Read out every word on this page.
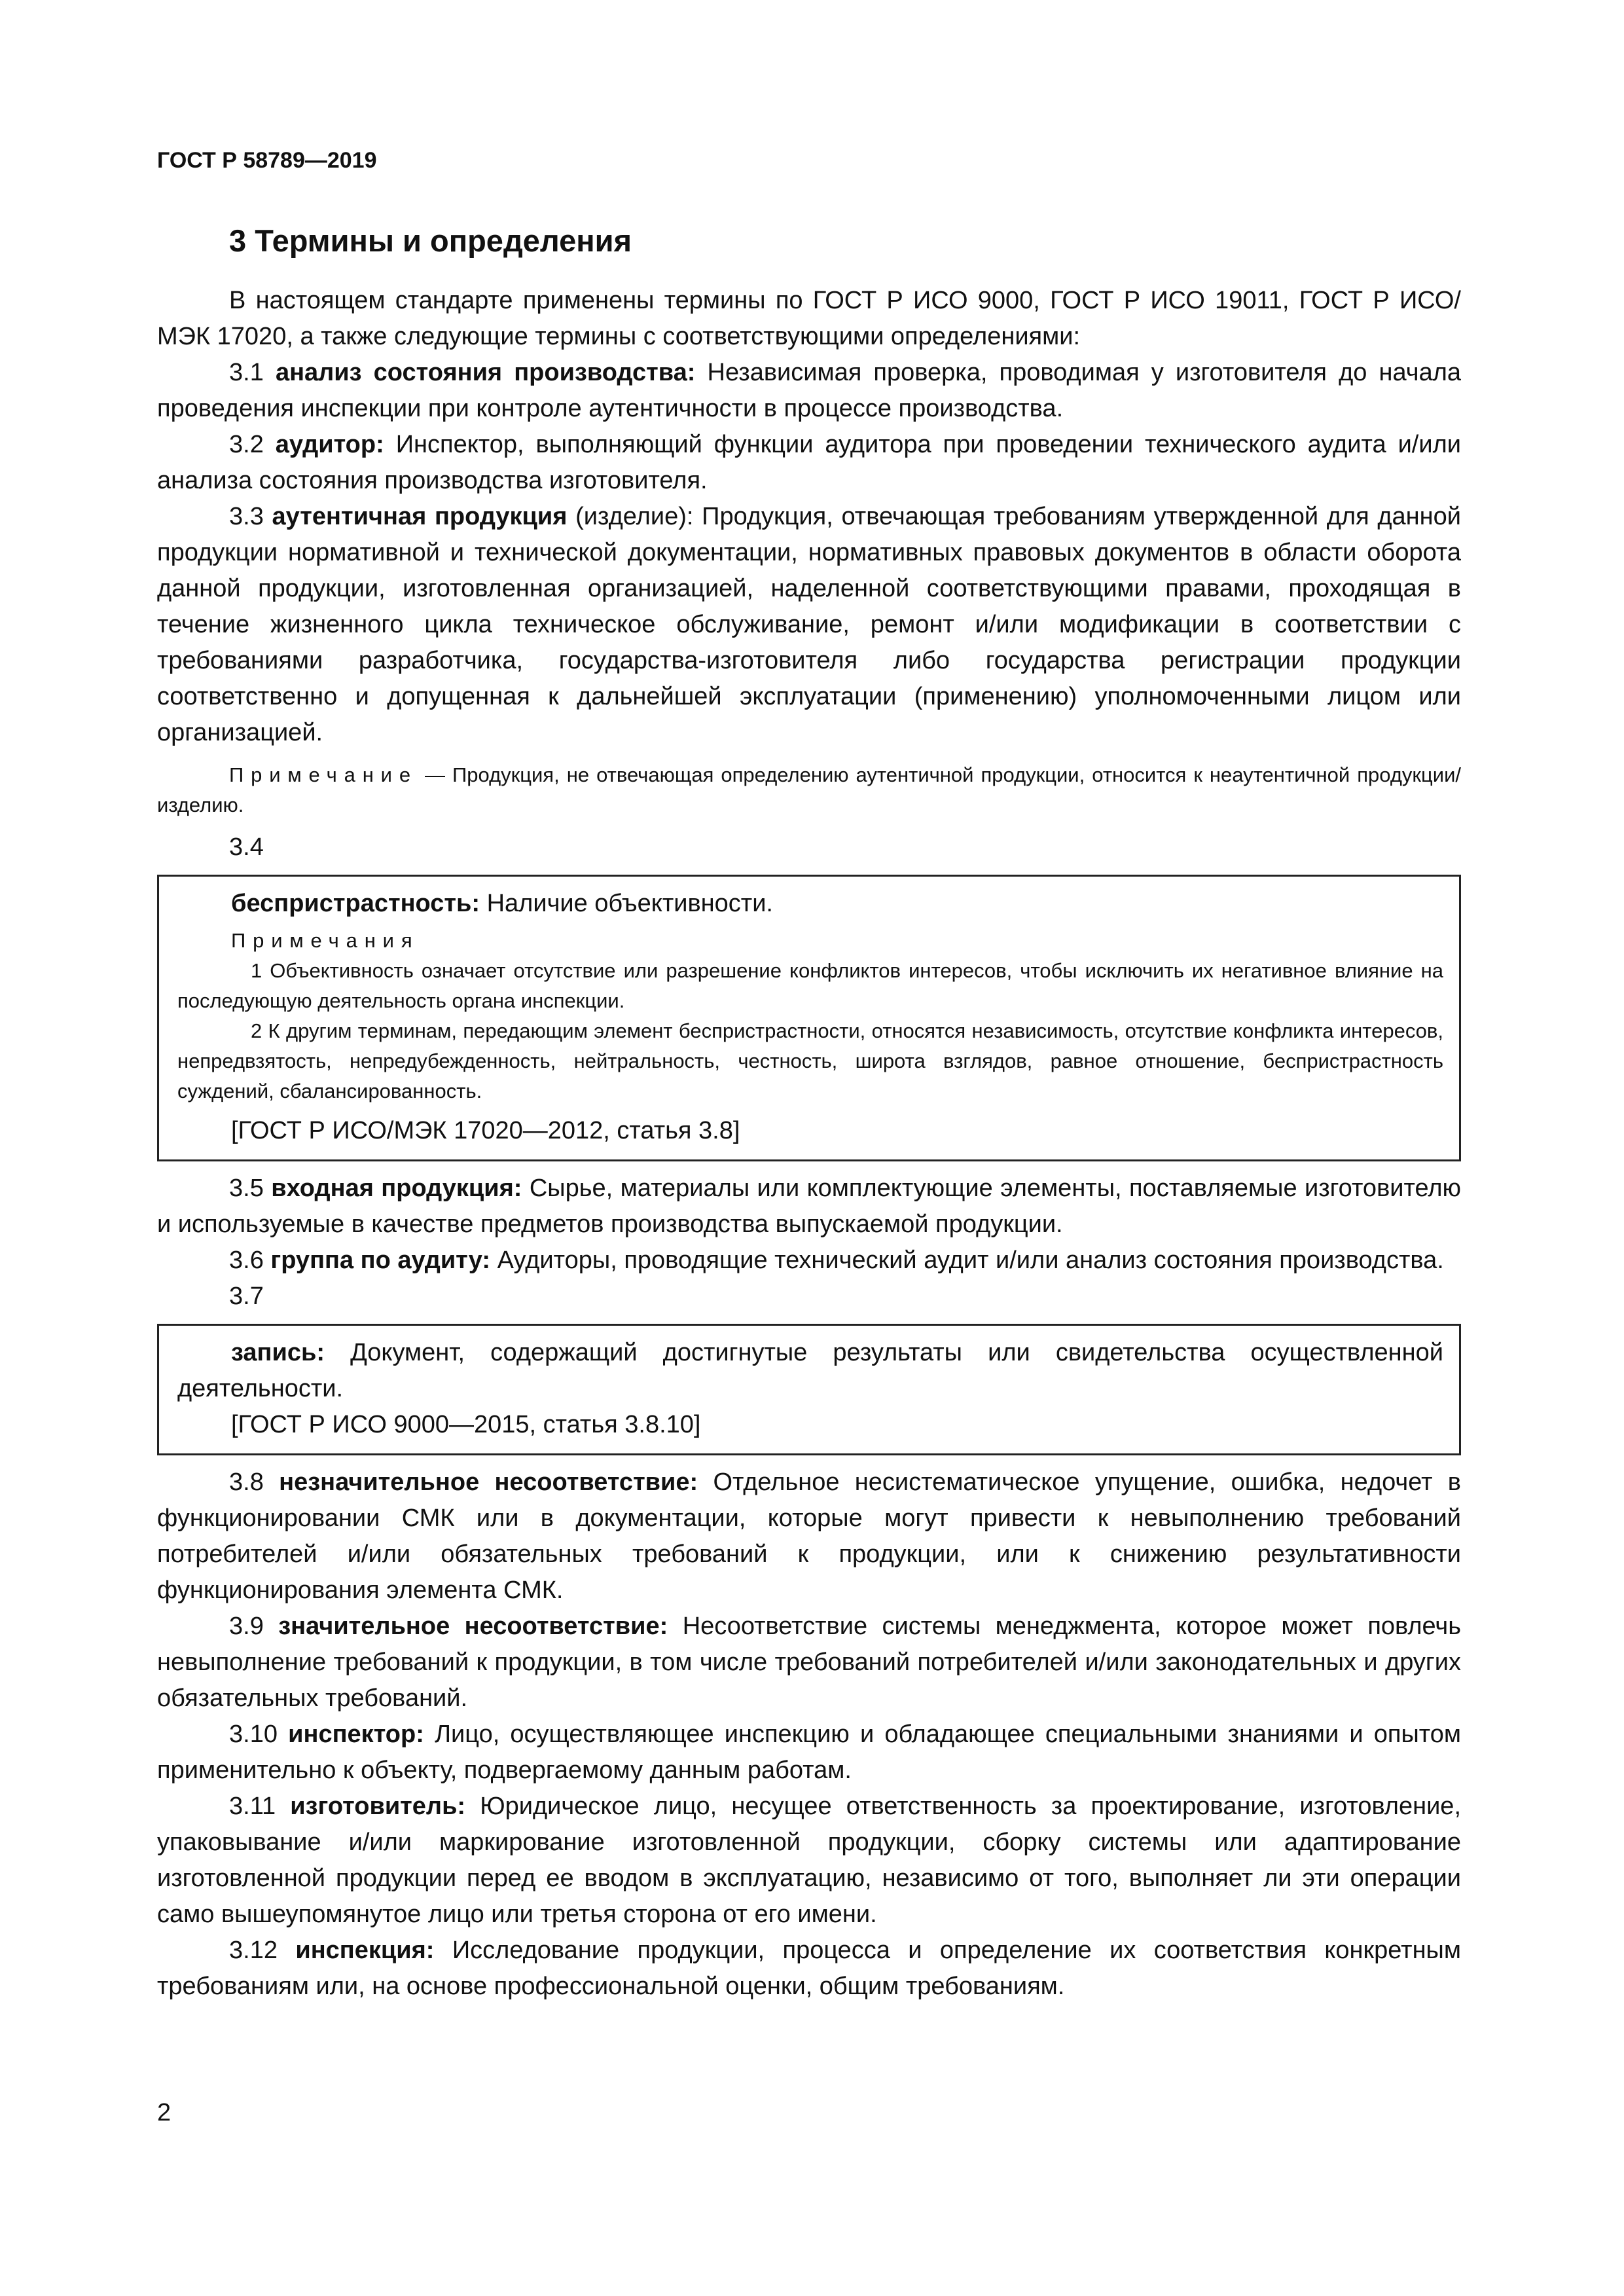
ГОСТ Р 58789—2019
3 Термины и определения

В настоящем стандарте применены термины по ГОСТ Р ИСО 9000, ГОСТ Р ИСО 19011, ГОСТ Р ИСО/МЭК 17020, а также следующие термины с соответствующими определениями:

3.1 анализ состояния производства: Независимая проверка, проводимая у изготовителя до начала проведения инспекции при контроле аутентичности в процессе производства.

3.2 аудитор: Инспектор, выполняющий функции аудитора при проведении технического аудита и/или анализа состояния производства изготовителя.

3.3 аутентичная продукция (изделие): Продукция, отвечающая требованиям утвержденной для данной продукции нормативной и технической документации, нормативных правовых документов в области оборота данной продукции, изготовленная организацией, наделенной соответствующими правами, проходящая в течение жизненного цикла техническое обслуживание, ремонт и/или модификации в соответствии с требованиями разработчика, государства-изготовителя либо государства регистрации продукции соответственно и допущенная к дальнейшей эксплуатации (применению) уполномоченными лицом или организацией.

Примечание — Продукция, не отвечающая определению аутентичной продукции, относится к неаутентичной продукции/изделию.

3.4

беспристрастность: Наличие объективности.

Примечания

1 Объективность означает отсутствие или разрешение конфликтов интересов, чтобы исключить их негативное влияние на последующую деятельность органа инспекции.

2 К другим терминам, передающим элемент беспристрастности, относятся независимость, отсутствие конфликта интересов, непредвзятость, непредубежденность, нейтральность, честность, широта взглядов, равное отношение, беспристрастность суждений, сбалансированность.

[ГОСТ Р ИСО/МЭК 17020—2012, статья 3.8]

3.5 входная продукция: Сырье, материалы или комплектующие элементы, поставляемые изготовителю и используемые в качестве предметов производства выпускаемой продукции.

3.6 группа по аудиту: Аудиторы, проводящие технический аудит и/или анализ состояния производства.

3.7

запись: Документ, содержащий достигнутые результаты или свидетельства осуществленной деятельности.

[ГОСТ Р ИСО 9000—2015, статья 3.8.10]

3.8 незначительное несоответствие: Отдельное несистематическое упущение, ошибка, недочет в функционировании СМК или в документации, которые могут привести к невыполнению требований потребителей и/или обязательных требований к продукции, или к снижению результативности функционирования элемента СМК.

3.9 значительное несоответствие: Несоответствие системы менеджмента, которое может повлечь невыполнение требований к продукции, в том числе требований потребителей и/или законодательных и других обязательных требований.

3.10 инспектор: Лицо, осуществляющее инспекцию и обладающее специальными знаниями и опытом применительно к объекту, подвергаемому данным работам.

3.11 изготовитель: Юридическое лицо, несущее ответственность за проектирование, изготовление, упаковывание и/или маркирование изготовленной продукции, сборку системы или адаптирование изготовленной продукции перед ее вводом в эксплуатацию, независимо от того, выполняет ли эти операции само вышеупомянутое лицо или третья сторона от его имени.

3.12 инспекция: Исследование продукции, процесса и определение их соответствия конкретным требованиям или, на основе профессиональной оценки, общим требованиям.

2
